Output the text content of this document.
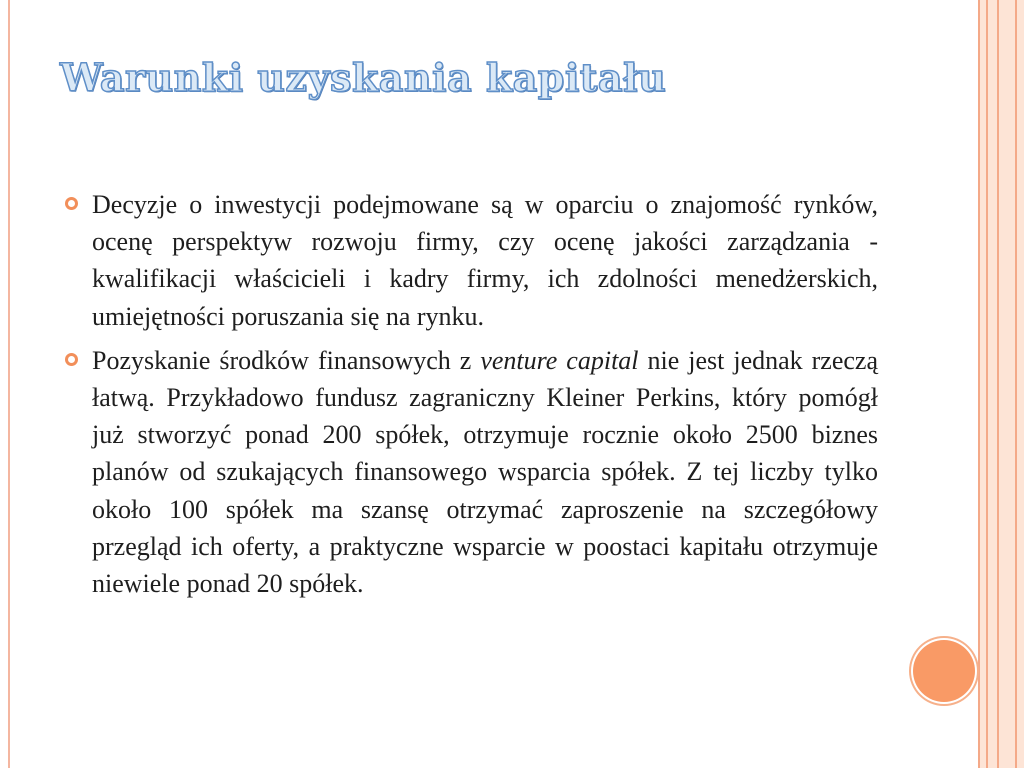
Warunki uzyskania kapitału
Decyzje o inwestycji podejmowane są w oparciu o znajomość rynków, ocenę perspektyw rozwoju firmy, czy ocenę jakości zarządzania - kwalifikacji właścicieli i kadry firmy, ich zdolności menedżerskich, umiejętności poruszania się na rynku.
Pozyskanie środków finansowych z venture capital nie jest jednak rzeczą łatwą. Przykładowo fundusz zagraniczny Kleiner Perkins, który pomógł już stworzyć ponad 200 spółek, otrzymuje rocznie około 2500 biznes planów od szukających finansowego wsparcia spółek. Z tej liczby tylko około 100 spółek ma szansę otrzymać zaproszenie na szczegółowy przegląd ich oferty, a praktyczne wsparcie w poostaci kapitału otrzymuje niewiele ponad 20 spółek.
